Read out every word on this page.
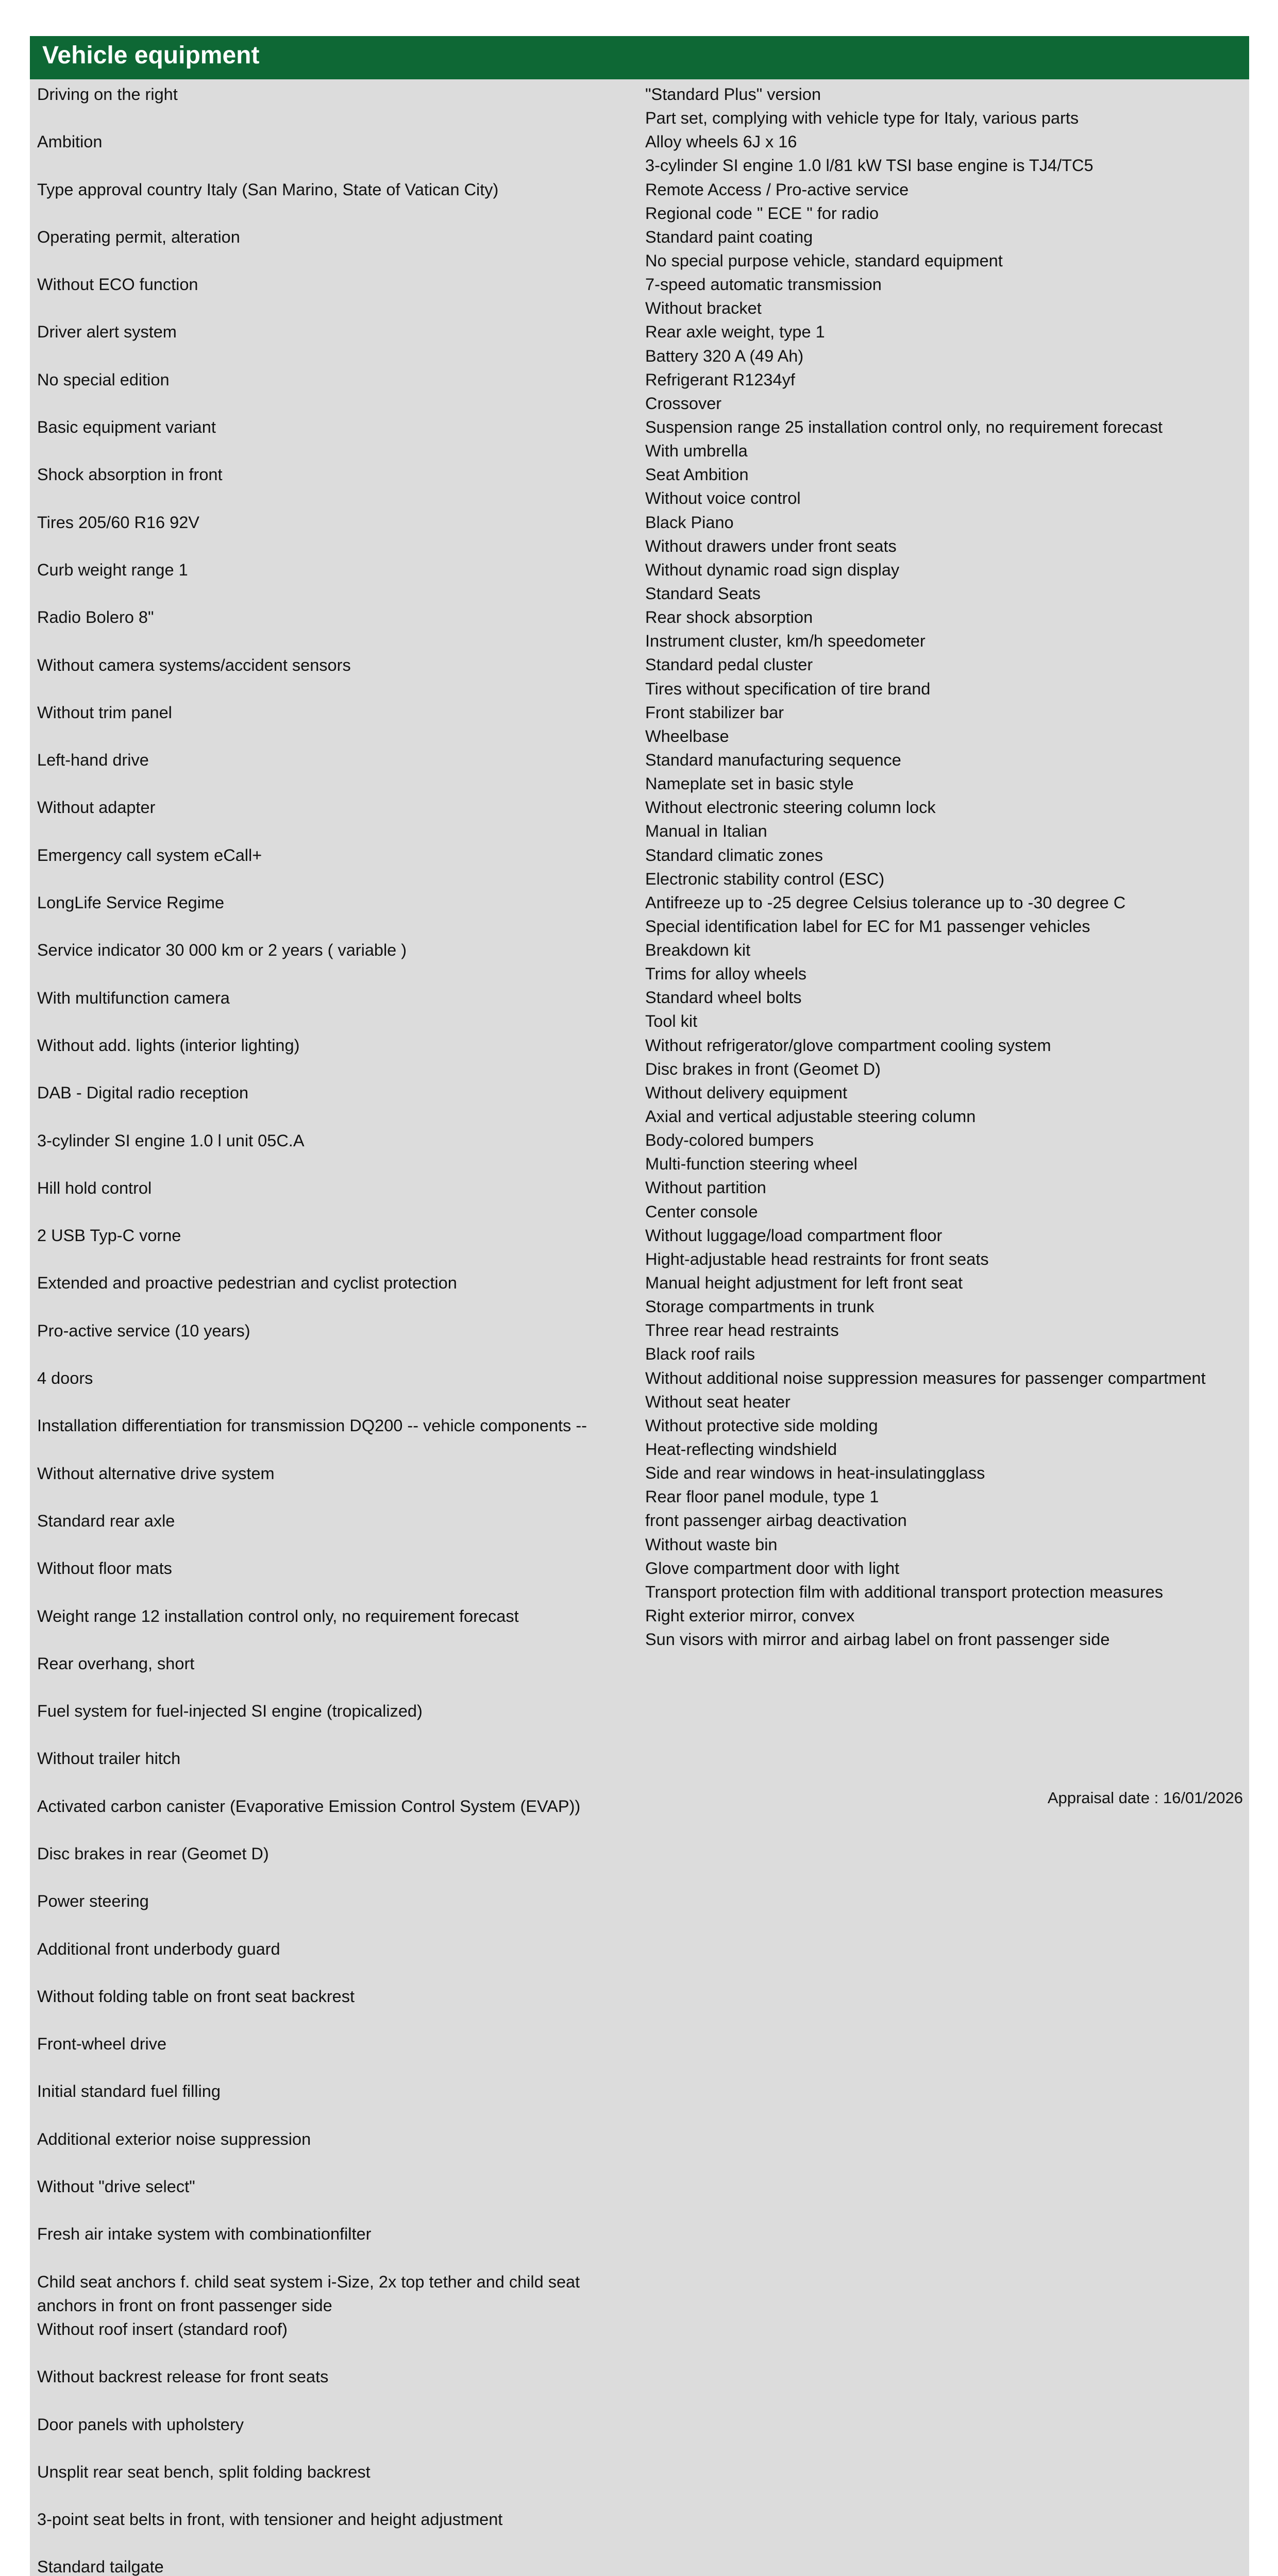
Vehicle equipment
Driving on the right
Ambition
Type approval country Italy (San Marino, State of Vatican City)
Operating permit, alteration
Without ECO function
Driver alert system
No special edition
Basic equipment variant
Shock absorption in front
Tires 205/60 R16 92V
Curb weight range 1
Radio Bolero 8"
Without camera systems/accident sensors
Without trim panel
Left-hand drive
Without adapter
Emergency call system eCall+
LongLife Service Regime
Service indicator 30 000 km or 2 years ( variable )
With multifunction camera
Without add. lights (interior lighting)
DAB - Digital radio reception
3-cylinder SI engine 1.0 l unit 05C.A
Hill hold control
2 USB Typ-C vorne
Extended and proactive pedestrian and cyclist protection
Pro-active service (10 years)
4 doors
Installation differentiation for transmission DQ200 -- vehicle components --
Without alternative drive system
Standard rear axle
Without floor mats
Weight range 12 installation control only, no requirement forecast
Rear overhang, short
Fuel system for fuel-injected SI engine (tropicalized)
Without trailer hitch
Activated carbon canister (Evaporative Emission Control System (EVAP))
Disc brakes in rear (Geomet D)
Power steering
Additional front underbody guard
Without folding table on front seat backrest
Front-wheel drive
Initial standard fuel filling
Additional exterior noise suppression
Without "drive select"
Fresh air intake system with combinationfilter
Child seat anchors f. child seat system i-Size, 2x top tether and child seat anchors in front on front passenger side
Without roof insert (standard roof)
Without backrest release for front seats
Door panels with upholstery
Unsplit rear seat bench, split folding backrest
3-point seat belts in front, with tensioner and height adjustment
Standard tailgate
"Standard Plus" version
Part set, complying with vehicle type for Italy, various parts
Alloy wheels 6J x 16
3-cylinder SI engine 1.0 l/81 kW TSI base engine is TJ4/TC5
Remote Access / Pro-active service
Regional code " ECE " for radio
Standard paint coating
No special purpose vehicle, standard equipment
7-speed automatic transmission
Without bracket
Rear axle weight, type 1
Battery 320 A (49 Ah)
Refrigerant R1234yf
Crossover
Suspension range 25 installation control only, no requirement forecast
With umbrella
Seat Ambition
Without voice control
Black Piano
Without drawers under front seats
Without dynamic road sign display
Standard Seats
Rear shock absorption
Instrument cluster, km/h speedometer
Standard pedal cluster
Tires without specification of tire brand
Front stabilizer bar
Wheelbase
Standard manufacturing sequence
Nameplate set in basic style
Without electronic steering column lock
Manual in Italian
Standard climatic zones
Electronic stability control (ESC)
Antifreeze up to -25 degree Celsius tolerance up to -30 degree C
Special identification label for EC for M1 passenger vehicles
Breakdown kit
Trims for alloy wheels
Standard wheel bolts
Tool kit
Without refrigerator/glove compartment cooling system
Disc brakes in front (Geomet D)
Without delivery equipment
Axial and vertical adjustable steering column
Body-colored bumpers
Multi-function steering wheel
Without partition
Center console
Without luggage/load compartment floor
Hight-adjustable head restraints for front seats
Manual height adjustment for left front seat
Storage compartments in trunk
Three rear head restraints
Black roof rails
Without additional noise suppression measures for passenger compartment
Without seat heater
Without protective side molding
Heat-reflecting windshield
Side and rear windows in heat-insulatingglass
Rear floor panel module, type 1
front passenger airbag deactivation
Without waste bin
Glove compartment door with light
Transport protection film with additional transport protection measures
Right exterior mirror, convex
Sun visors with mirror and airbag label on front passenger side
Appraisal date : 16/01/2026
